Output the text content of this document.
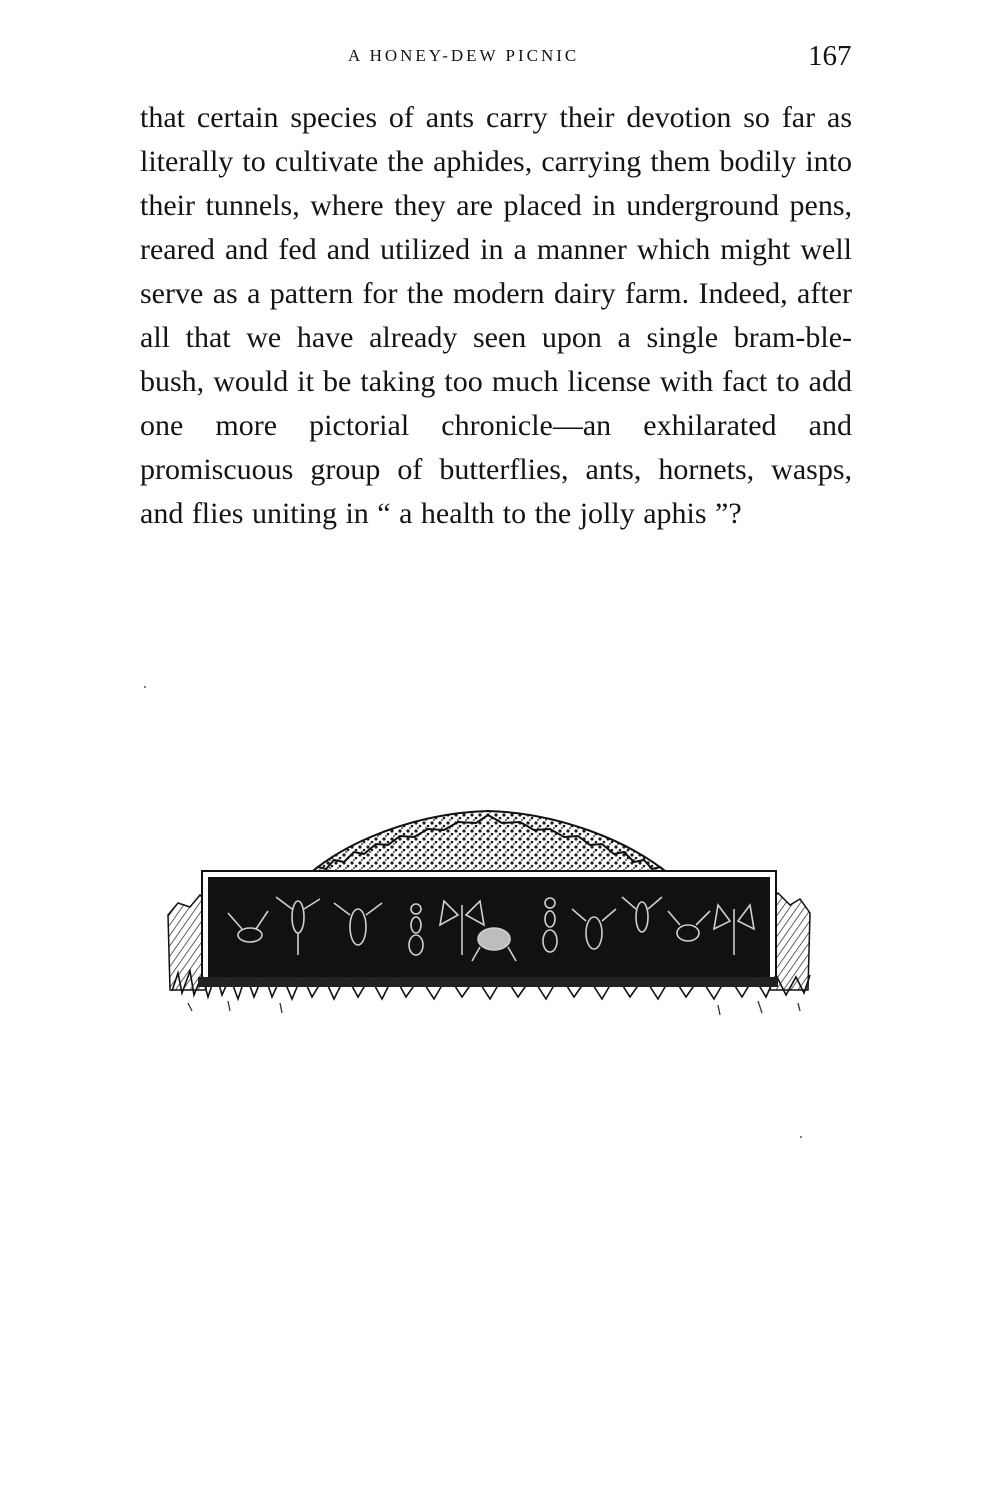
A HONEY-DEW PICNIC	167

that certain species of ants carry their devotion so far as literally to cultivate the aphides, carrying them bodily into their tunnels, where they are placed in underground pens, reared and fed and utilized in a manner which might well serve as a pattern for the modern dairy farm. Indeed, after all that we have already seen upon a single bram-ble-bush, would it be taking too much license with fact to add one more pictorial chronicle—an exhilarated and promiscuous group of butterflies, ants, hornets, wasps, and flies uniting in “ a health to the jolly aphis ”?
